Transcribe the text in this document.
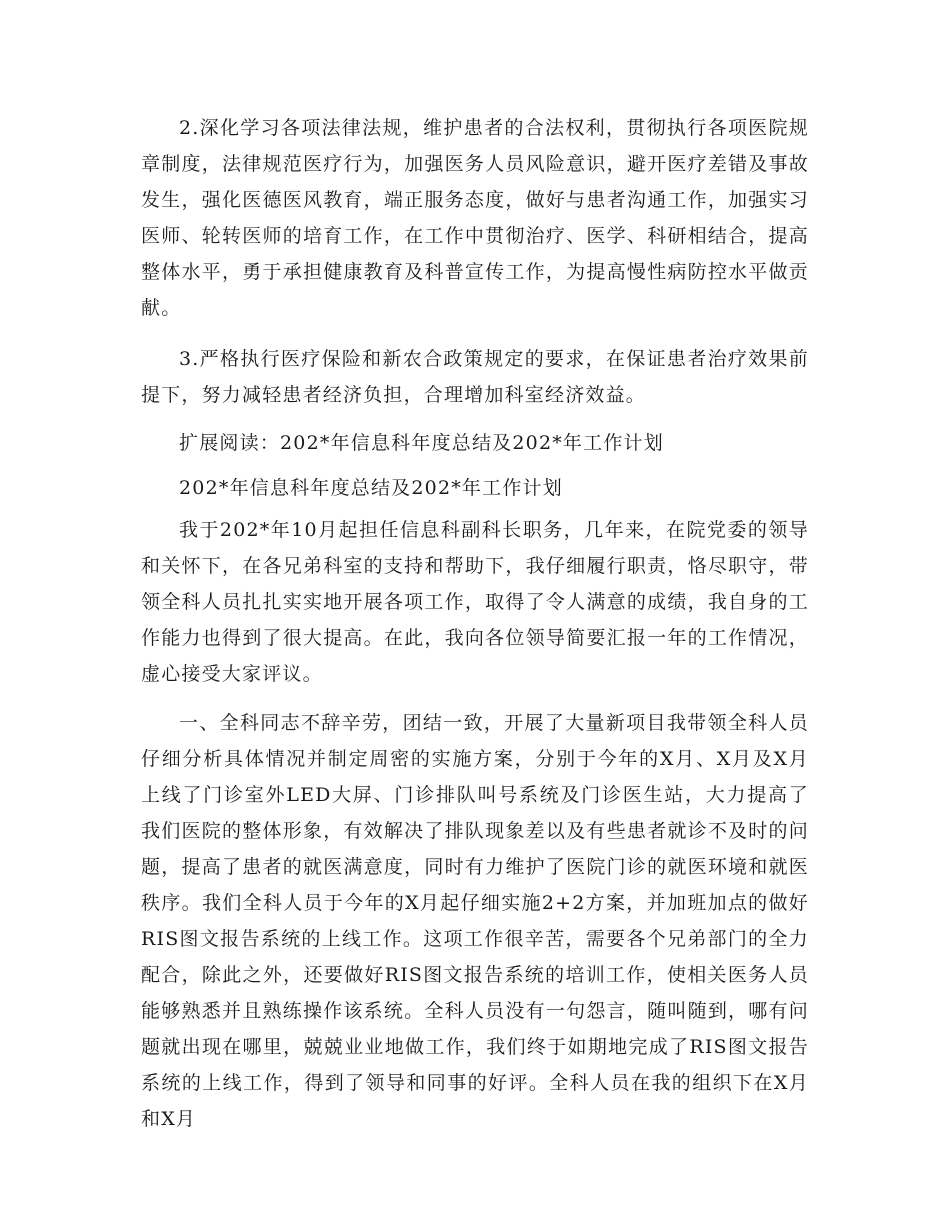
2.深化学习各项法律法规，维护患者的合法权利，贯彻执行各项医院规章制度，法律规范医疗行为，加强医务人员风险意识，避开医疗差错及事故发生，强化医德医风教育，端正服务态度，做好与患者沟通工作，加强实习医师、轮转医师的培育工作，在工作中贯彻治疗、医学、科研相结合，提高整体水平，勇于承担健康教育及科普宣传工作，为提高慢性病防控水平做贡献。

3.严格执行医疗保险和新农合政策规定的要求，在保证患者治疗效果前提下，努力减轻患者经济负担，合理增加科室经济效益。

扩展阅读：202*年信息科年度总结及202*年工作计划

202*年信息科年度总结及202*年工作计划

我于202*年10月起担任信息科副科长职务，几年来，在院党委的领导和关怀下，在各兄弟科室的支持和帮助下，我仔细履行职责，恪尽职守，带领全科人员扎扎实实地开展各项工作，取得了令人满意的成绩，我自身的工作能力也得到了很大提高。在此，我向各位领导简要汇报一年的工作情况，虚心接受大家评议。

一、全科同志不辞辛劳，团结一致，开展了大量新项目我带领全科人员仔细分析具体情况并制定周密的实施方案，分别于今年的X月、X月及X月上线了门诊室外LED大屏、门诊排队叫号系统及门诊医生站，大力提高了我们医院的整体形象，有效解决了排队现象差以及有些患者就诊不及时的问题，提高了患者的就医满意度，同时有力维护了医院门诊的就医环境和就医秩序。我们全科人员于今年的X月起仔细实施2+2方案，并加班加点的做好RIS图文报告系统的上线工作。这项工作很辛苦，需要各个兄弟部门的全力配合，除此之外，还要做好RIS图文报告系统的培训工作，使相关医务人员能够熟悉并且熟练操作该系统。全科人员没有一句怨言，随叫随到，哪有问题就出现在哪里，兢兢业业地做工作，我们终于如期地完成了RIS图文报告系统的上线工作，得到了领导和同事的好评。全科人员在我的组织下在X月和X月
